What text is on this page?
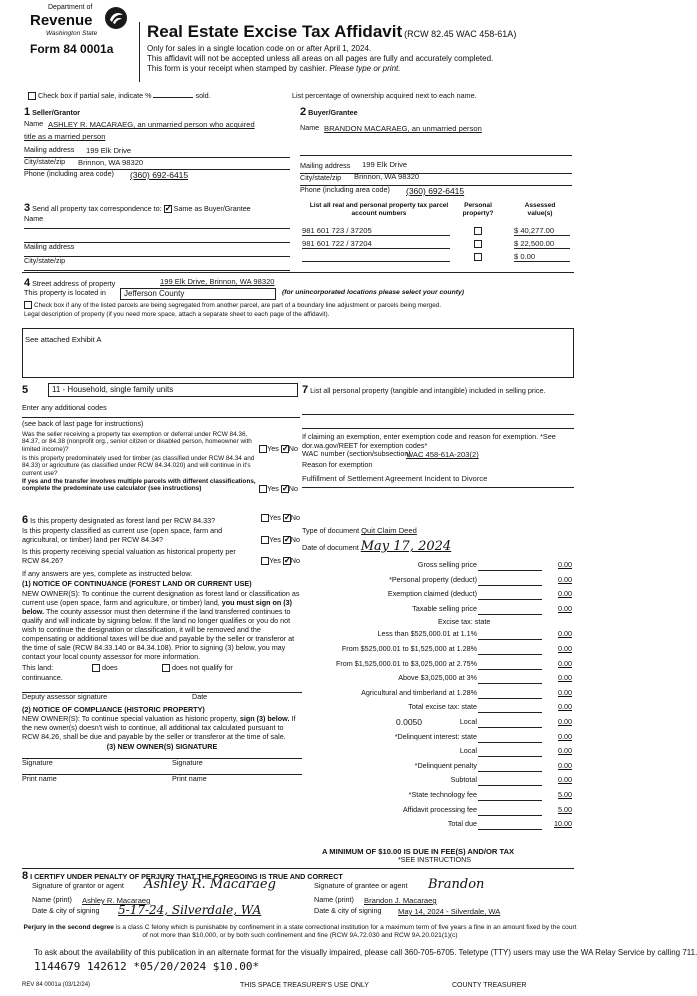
Department of
Revenue
Washington State
Form 84 0001a
Real Estate Excise Tax Affidavit (RCW 82.45 WAC 458-61A)
Only for sales in a single location code on or after April 1, 2024.
This affidavit will not be accepted unless all areas on all pages are fully and accurately completed.
This form is your receipt when stamped by cashier. Please type or print.
Check box if partial sale, indicate %	sold.	List percentage of ownership acquired next to each name.
1 Seller/Grantor
Name ASHLEY R. MACARAEG, an unmarried person who acquired
title as a married person
Mailing address 199 Elk Drive
City/state/zip Brinnon, WA 98320
Phone (including area code) (360) 692-6415
2 Buyer/Grantee
Name BRANDON MACARAEG, an unmarried person
Mailing address 199 Elk Drive
City/state/zip Brinnon, WA 98320
Phone (including area code) (360) 692-6415
3 Send all property tax correspondence to: ✓ Same as Buyer/Grantee
Name
Mailing address
City/state/zip
List all real and personal property tax parcel account numbers
Personal property?
Assessed value(s)
981 601 723 / 37205	$ 40,277.00
981 601 722 / 37204	$ 22,500.00
$ 0.00
4 Street address of property	199 Elk Drive, Brinnon, WA 98320
This property is located in	Jefferson County	(for unincorporated locations please select your county)
Check box if any of the listed parcels are being segregated from another parcel, are part of a boundary line adjustment or parcels being merged.
Legal description of property (if you need more space, attach a separate sheet to each page of the affidavit).
See attached Exhibit A
5	11 - Household, single family units
Enter any additional codes
(see back of last page for instructions)
Was the seller receiving a property tax exemption or deferral under RCW 84.36, 84.37, or 84.38 (nonprofit org., senior citizen or disabled person, homeowner with limited income)?	Yes ✓ No
Is this property predominately used for timber (as classified under RCW 84.34 and 84.33) or agriculture (as classified under RCW 84.34.020) and will continue in it's current use?
If yes and the transfer involves multiple parcels with different classifications, complete the predominate use calculator (see instructions)	Yes ✓ No
7 List all personal property (tangible and intangible) included in selling price.
If claiming an exemption, enter exemption code and reason for exemption. *See dor.wa.gov/REET for exemption codes*
WAC number (section/subsection)
WAC 458-61A-203(2)
Reason for exemption
Fulfillment of Settlement Agreement Incident to Divorce
6 Is this property designated as forest land per RCW 84.33?	Yes ✓ No
Is this property classified as current use (open space, farm and agricultural, or timber) land per RCW 84.34?	Yes ✓ No
Is this property receiving special valuation as historical property per RCW 84.26?	Yes ✓ No
If any answers are yes, complete as instructed below.
(1) NOTICE OF CONTINUANCE (FOREST LAND OR CURRENT USE)
NEW OWNER(S): To continue the current designation as forest land or classification as current use (open space, farm and agriculture, or timber) land, you must sign on (3) below. The county assessor must then determine if the land transferred continues to qualify and will indicate by signing below. If the land no longer qualifies or you do not wish to continue the designation or classification, it will be removed and the compensating or additional taxes will be due and payable by the seller or transferor at the time of sale (RCW 84.33.140 or 84.34.108). Prior to signing (3) below, you may contact your local county assessor for more information.
This land:	does	does not qualify for
continuance.
Deputy assessor signature	Date
(2) NOTICE OF COMPLIANCE (HISTORIC PROPERTY)
NEW OWNER(S): To continue special valuation as historic property, sign (3) below. If the new owner(s) doesn't wish to continue, all additional tax calculated pursuant to RCW 84.26, shall be due and payable by the seller or transferor at the time of sale.
(3) NEW OWNER(S) SIGNATURE
Signature	Signature
Print name	Print name
Type of document Quit Claim Deed
Date of document May 17, 2024
Gross selling price	0.00
*Personal property (deduct)	0.00
Exemption claimed (deduct)	0.00
Taxable selling price	0.00
Less than $525,000.01 at 1.1%	0.00
From $525,000.01 to $1,525,000 at 1.28%	0.00
From $1,525,000.01 to $3,025,000 at 2.75%	0.00
Above $3,025,000 at 3%	0.00
Agricultural and timberland at 1.28%	0.00
Total excise tax: state	0.00
Local	0.00
0.0050
*Delinquent interest: state	0.00
Local	0.00
*Delinquent penalty	0.00
Subtotal	0.00
*State technology fee	5.00
Affidavit processing fee	5.00
Total due	10.00
Excise tax: state
A MINIMUM OF $10.00 IS DUE IN FEE(S) AND/OR TAX
*SEE INSTRUCTIONS
8 I CERTIFY UNDER PENALTY OF PERJURY THAT THE FOREGOING IS TRUE AND CORRECT
Signature of grantor or agent Ashley R. Macaraeg
Name (print) Ashley R. Macaraeg
Date & city of signing 5-17-24, Silverdale, WA
Signature of grantee or agent Brandon
Name (print) Brandon J. Macaraeg
Date & city of signing May 14, 2024 - Silverdale, WA
Perjury in the second degree is a class C felony which is punishable by confinement in a state correctional institution for a maximum term of five years a fine in an amount fixed by the court of not more than $10,000, or by both such confinement and fine (RCW 9A.72.030 and RCW 9A.20.021(1)(c)
To ask about the availability of this publication in an alternate format for the visually impaired, please call 360-705-6705. Teletype (TTY) users may use the WA Relay Service by calling 711.
1144679 142612 *05/20/2024 $10.00*
REV 84 0001a (03/12/24)	THIS SPACE TREASURER'S USE ONLY	COUNTY TREASURER
